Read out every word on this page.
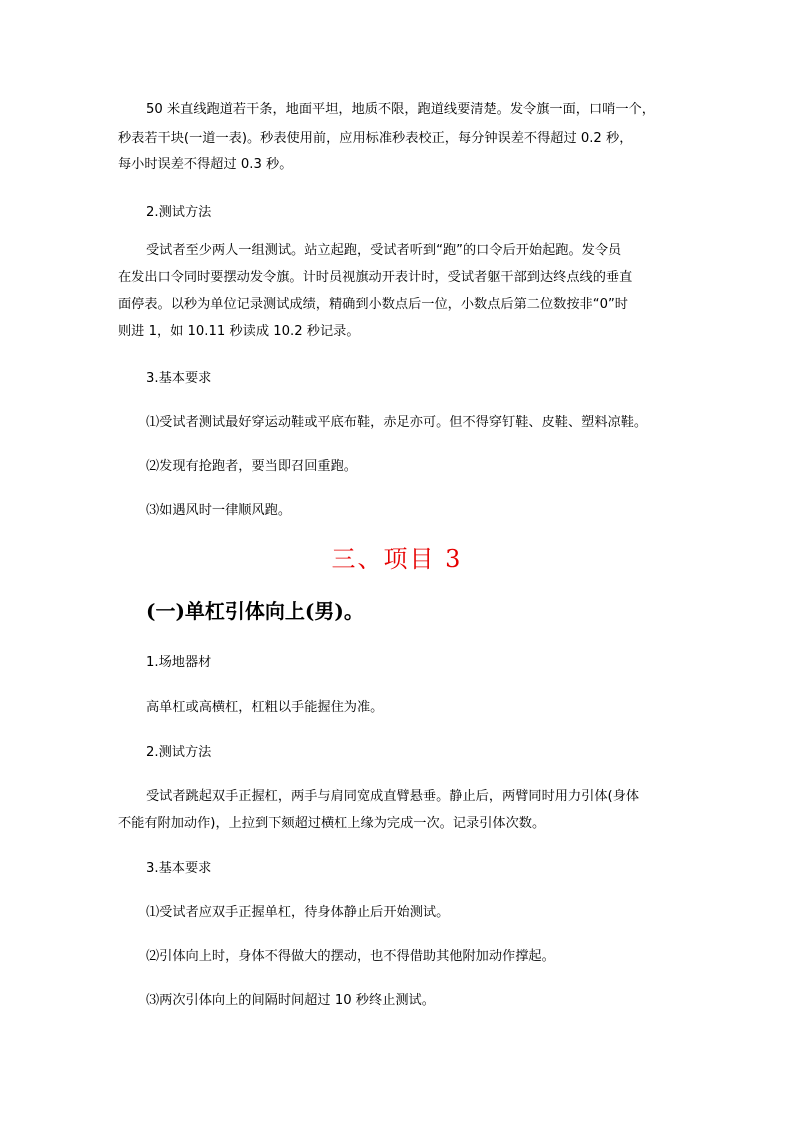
50 米直线跑道若干条，地面平坦，地质不限，跑道线要清楚。发令旗一面，口哨一个，
秒表若干块(一道一表)。秒表使用前，应用标准秒表校正，每分钟误差不得超过 0.2 秒，
每小时误差不得超过 0.3 秒。
2.测试方法
受试者至少两人一组测试。站立起跑，受试者听到“跑”的口令后开始起跑。发令员
在发出口令同时要摆动发令旗。计时员视旗动开表计时，受试者躯干部到达终点线的垂直
面停表。以秒为单位记录测试成绩，精确到小数点后一位，小数点后第二位数按非“0”时
则进 1，如 10.11 秒读成 10.2 秒记录。
3.基本要求
⑴受试者测试最好穿运动鞋或平底布鞋，赤足亦可。但不得穿钉鞋、皮鞋、塑料凉鞋。
⑵发现有抢跑者，要当即召回重跑。
⑶如遇风时一律顺风跑。
三、项目 3
(一)单杠引体向上(男)。
1.场地器材
高单杠或高横杠，杠粗以手能握住为准。
2.测试方法
受试者跳起双手正握杠，两手与肩同宽成直臂悬垂。静止后，两臂同时用力引体(身体
不能有附加动作)，上拉到下颏超过横杠上缘为完成一次。记录引体次数。
3.基本要求
⑴受试者应双手正握单杠，待身体静止后开始测试。
⑵引体向上时，身体不得做大的摆动，也不得借助其他附加动作撑起。
⑶两次引体向上的间隔时间超过 10 秒终止测试。
